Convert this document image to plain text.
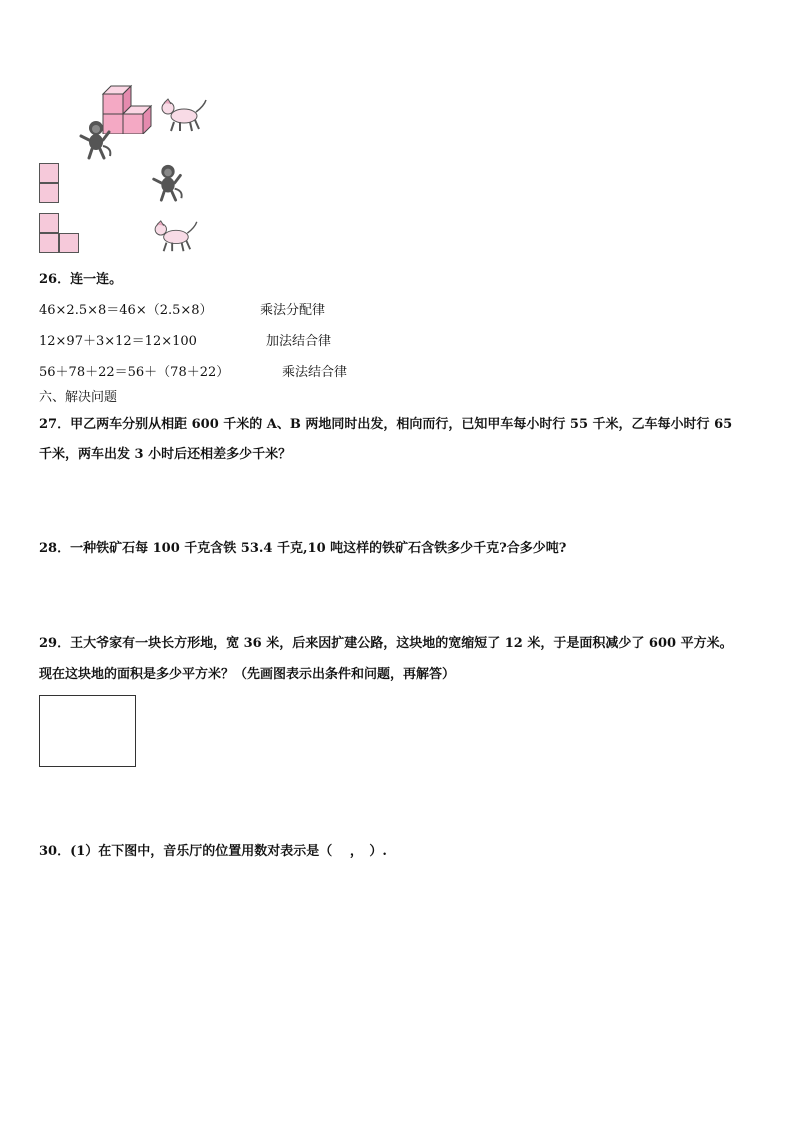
26．连一连。
46×2.5×8＝46×（2.5×8）	乘法分配律
12×97＋3×12＝12×100	加法结合律
56＋78＋22＝56＋（78＋22）	乘法结合律
六、解决问题
27．甲乙两车分别从相距 600 千米的 A、B 两地同时出发，相向而行，已知甲车每小时行 55 千米，乙车每小时行 65
千米，两车出发 3 小时后还相差多少千米？
28．一种铁矿石每 100 千克含铁 53.4 千克,10 吨这样的铁矿石含铁多少千克?合多少吨?
29．王大爷家有一块长方形地，宽 36 米，后来因扩建公路，这块地的宽缩短了 12 米，于是面积减少了 600 平方米。
现在这块地的面积是多少平方米？（先画图表示出条件和问题，再解答）
30．(1）在下图中，音乐厅的位置用数对表示是（　 ，　）.
